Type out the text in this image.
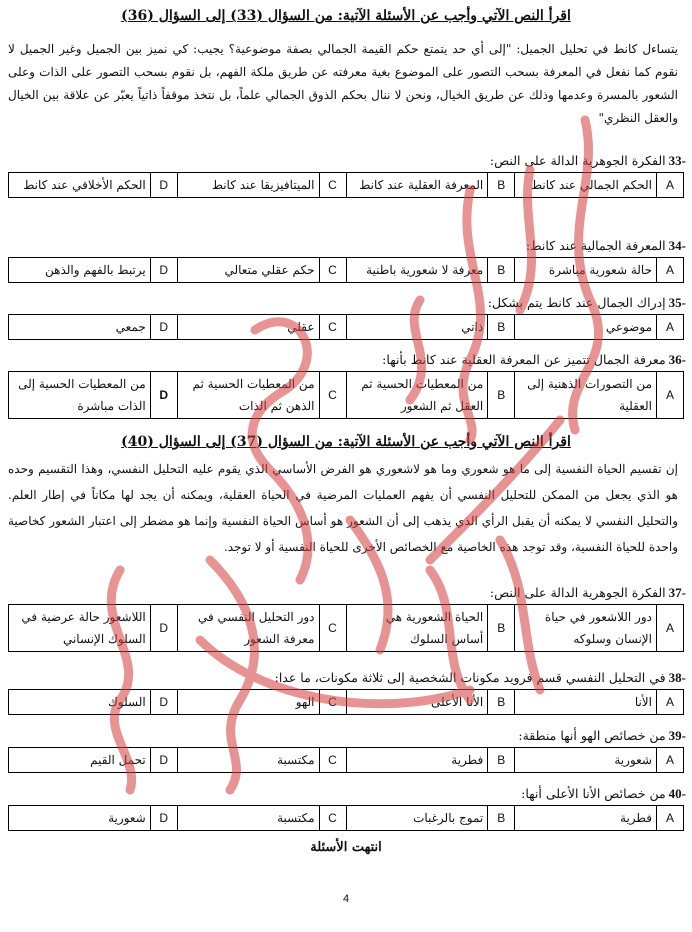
اقرأ النص الآتي وأجب عن الأسئلة الآتية: من السؤال (33) إلى السؤال (36)

يتساءل كانط في تحليل الجميل: "إلى أي حد يتمتع حكم القيمة الجمالي بصفة موضوعية؟ يجيب: كي نميز بين الجميل وغير الجميل لا نقوم كما نفعل في المعرفة بسحب التصور على الموضوع بغية معرفته عن طريق ملكة الفهم، بل نقوم بسحب التصور على الذات وعلى الشعور بالمسرة وعدمها وذلك عن طريق الخيال، ونحن لا ننال بحكم الذوق الجمالي علماً، بل نتخذ موقفاً ذاتياً يعبّر عن علاقة بين الخيال والعقل النظري"

-33الفكرة الجوهرية الدالة على النص:
A	الحكم الجمالي عند كانط	B	المعرفة العقلية عند كانط	C	الميتافيزيقا عند كانط	D	الحكم الأخلاقي عند كانط
-34المعرفة الجمالية عند كانط:
A	حالة شعورية مباشرة	B	معرفة لا شعورية باطنية	C	حكم عقلي متعالي	D	يرتبط بالفهم والذهن
-35إدراك الجمال عند كانط يتم بشكل:
A	موضوعي	B	ذاتي	C	عقلي	D	جمعي
-36معرفة الجمال تتميز عن المعرفة العقلية عند كانط بأنها:
A	من التصورات الذهنية إلى العقلية	B	من المعطيات الحسية ثم العقل ثم الشعور	C	من المعطيات الحسية ثم الذهن ثم الذات	D	من المعطيات الحسية إلى الذات مباشرة

اقرأ النص الآتي وأجب عن الأسئلة الآتية: من السؤال (37) إلى السؤال (40)

إن تقسيم الحياة النفسية إلى ما هو شعوري وما هو لاشعوري هو الفرض الأساسي الذي يقوم عليه التحليل النفسي، وهذا التقسيم وحده هو الذي يجعل من الممكن للتحليل النفسي أن يفهم العمليات المرضية في الحياة العقلية، ويمكنه أن يجد لها مكاناً في إطار العلم. والتحليل النفسي لا يمكنه أن يقبل الرأي الذي يذهب إلى أن الشعور هو أساس الحياة النفسية وإنما هو مضطر إلى اعتبار الشعور كخاصية واحدة للحياة النفسية، وقد توجد هذه الخاصية مع الخصائص الأخرى للحياة النفسية أو لا توجد.

-37الفكرة الجوهرية الدالة على النص:
A	دور اللاشعور في حياة الإنسان وسلوكه	B	الحياة الشعورية هي أساس السلوك	C	دور التحليل النفسي في معرفة الشعور	D	اللاشعور حالة عرضية في السلوك الإنساني
-38في التحليل النفسي قسم فرويد مكونات الشخصية إلى ثلاثة مكونات، ما عدا:
A	الأنا	B	الأنا الأعلى	C	الهو	D	السلوك
-39من خصائص الهو أنها منطقة:
A	شعورية	B	فطرية	C	مكتسبة	D	تحمل القيم
-40من خصائص الأنا الأعلى أنها:
A	فطرية	B	تموج بالرغبات	C	مكتسبة	D	شعورية

انتهت الأسئلة

4
